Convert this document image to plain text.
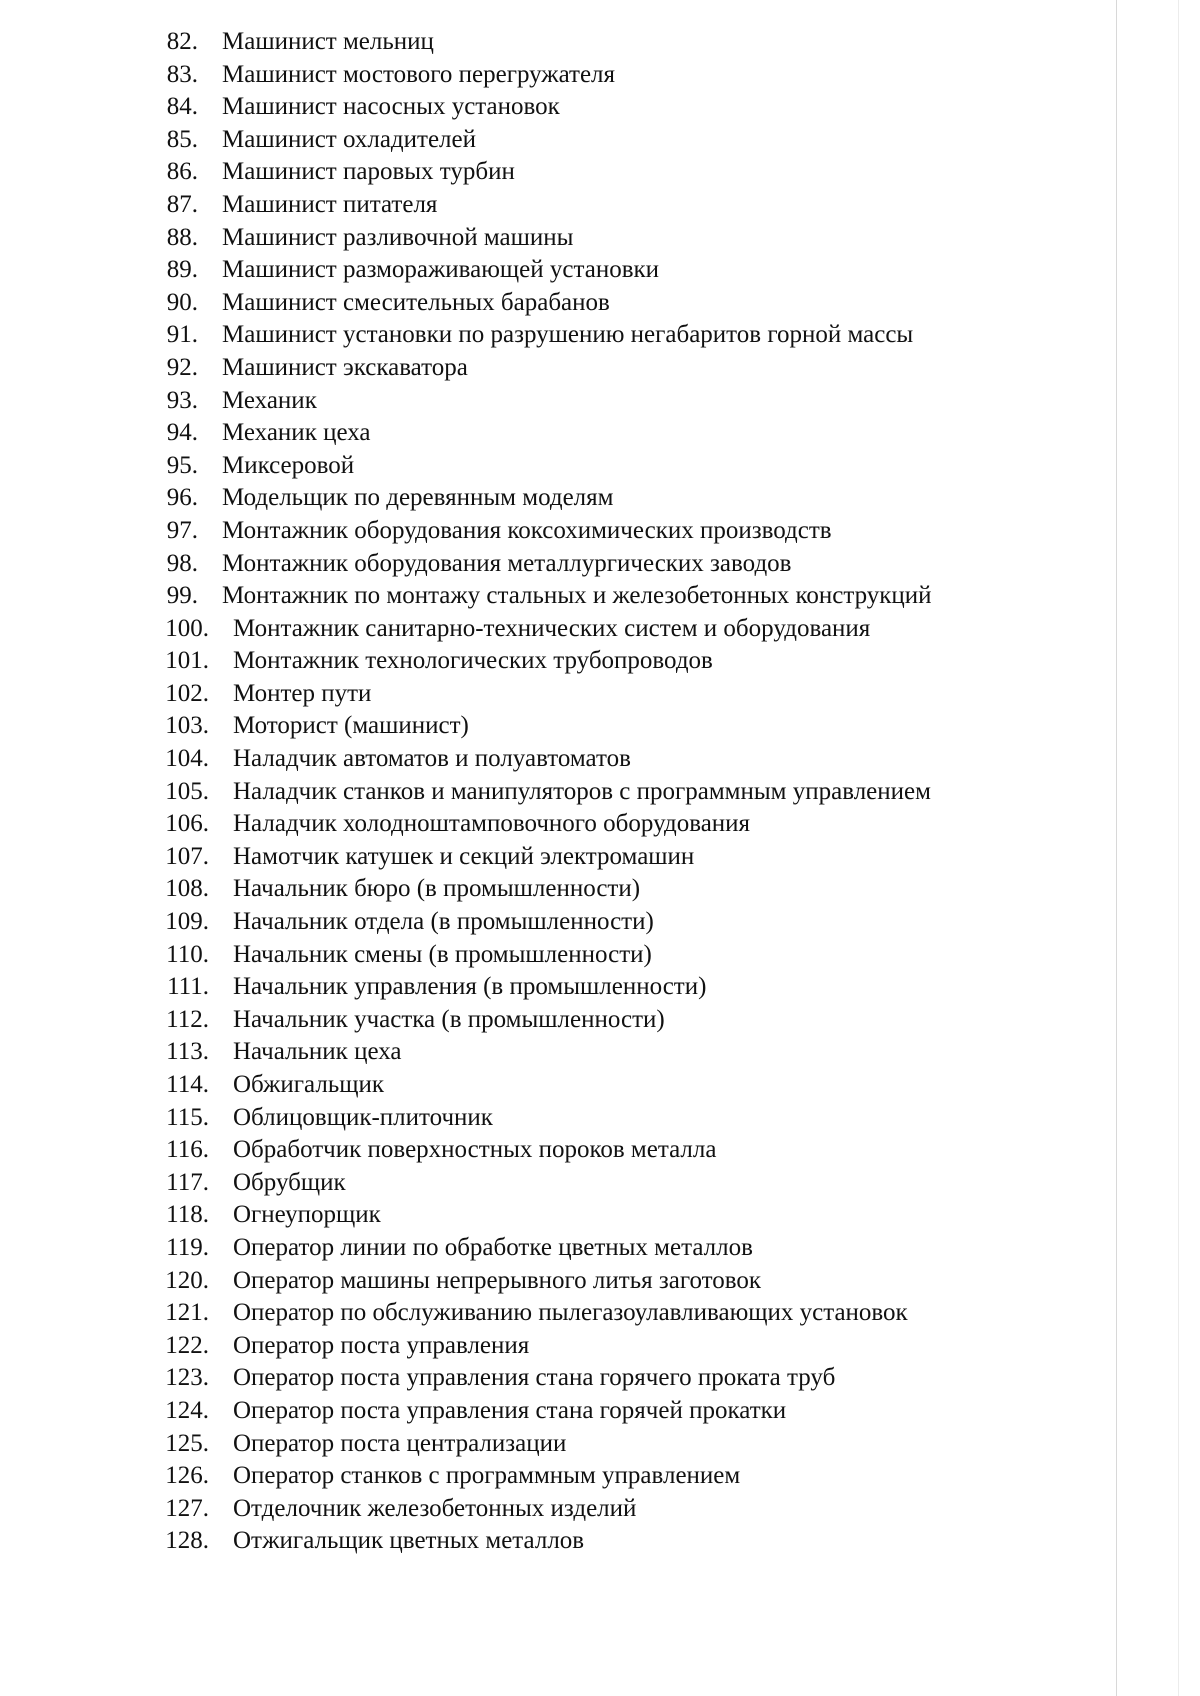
82. Машинист мельниц
83. Машинист мостового перегружателя
84. Машинист насосных установок
85. Машинист охладителей
86. Машинист паровых турбин
87. Машинист питателя
88. Машинист разливочной машины
89. Машинист размораживающей установки
90. Машинист смесительных барабанов
91. Машинист установки по разрушению негабаритов горной массы
92. Машинист экскаватора
93. Механик
94. Механик цеха
95. Миксеровой
96. Модельщик по деревянным моделям
97. Монтажник оборудования коксохимических производств
98. Монтажник оборудования металлургических заводов
99. Монтажник по монтажу стальных и железобетонных конструкций
100. Монтажник санитарно-технических систем и оборудования
101. Монтажник технологических трубопроводов
102. Монтер пути
103. Моторист (машинист)
104. Наладчик автоматов и полуавтоматов
105. Наладчик станков и манипуляторов с программным управлением
106. Наладчик холодноштамповочного оборудования
107. Намотчик катушек и секций электромашин
108. Начальник бюро (в промышленности)
109. Начальник отдела (в промышленности)
110. Начальник смены (в промышленности)
111. Начальник управления (в промышленности)
112. Начальник участка (в промышленности)
113. Начальник цеха
114. Обжигальщик
115. Облицовщик-плиточник
116. Обработчик поверхностных пороков металла
117. Обрубщик
118. Огнеупорщик
119. Оператор линии по обработке цветных металлов
120. Оператор машины непрерывного литья заготовок
121. Оператор по обслуживанию пылегазоулавливающих установок
122. Оператор поста управления
123. Оператор поста управления стана горячего проката труб
124. Оператор поста управления стана горячей прокатки
125. Оператор поста централизации
126. Оператор станков с программным управлением
127. Отделочник железобетонных изделий
128. Отжигальщик цветных металлов
